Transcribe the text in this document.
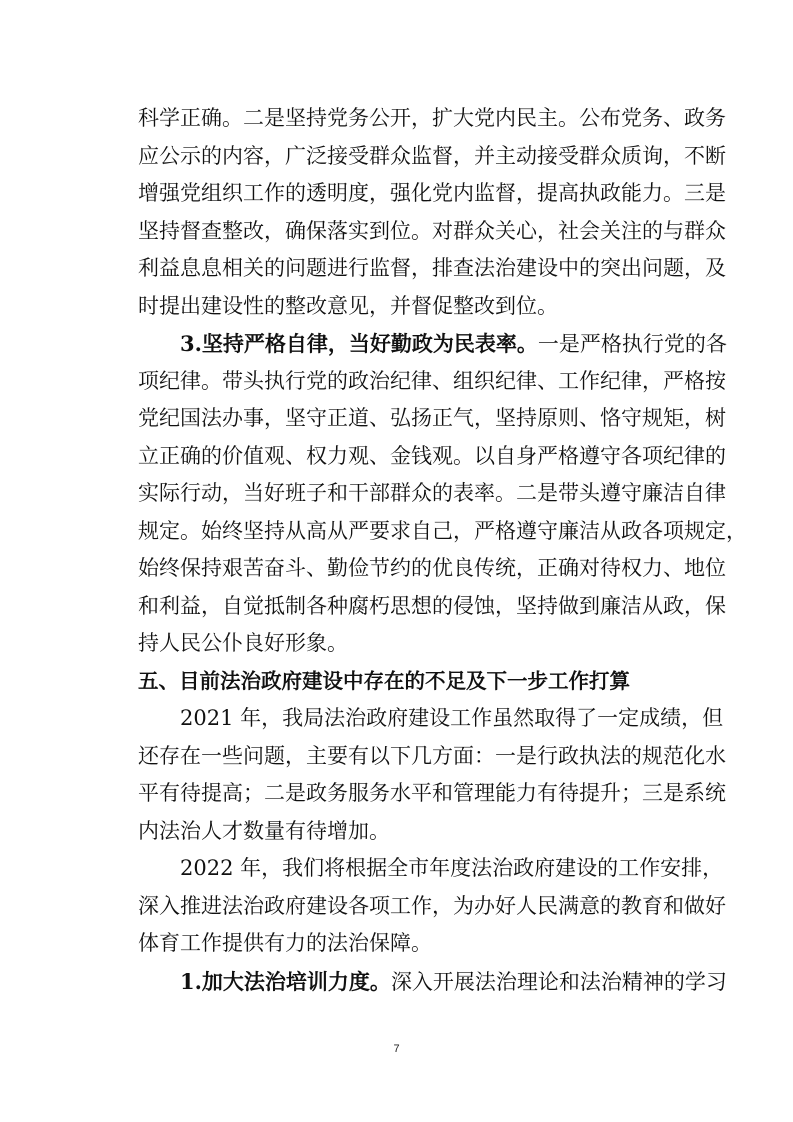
科学正确。二是坚持党务公开，扩大党内民主。公布党务、政务
应公示的内容，广泛接受群众监督，并主动接受群众质询，不断
增强党组织工作的透明度，强化党内监督，提高执政能力。三是
坚持督查整改，确保落实到位。对群众关心，社会关注的与群众
利益息息相关的问题进行监督，排查法治建设中的突出问题，及
时提出建设性的整改意见，并督促整改到位。
3.坚持严格自律，当好勤政为民表率。一是严格执行党的各
项纪律。带头执行党的政治纪律、组织纪律、工作纪律，严格按
党纪国法办事，坚守正道、弘扬正气，坚持原则、恪守规矩，树
立正确的价值观、权力观、金钱观。以自身严格遵守各项纪律的
实际行动，当好班子和干部群众的表率。二是带头遵守廉洁自律
规定。始终坚持从高从严要求自己，严格遵守廉洁从政各项规定，
始终保持艰苦奋斗、勤俭节约的优良传统，正确对待权力、地位
和利益，自觉抵制各种腐朽思想的侵蚀，坚持做到廉洁从政，保
持人民公仆良好形象。
五、目前法治政府建设中存在的不足及下一步工作打算
2021 年，我局法治政府建设工作虽然取得了一定成绩，但
还存在一些问题，主要有以下几方面：一是行政执法的规范化水
平有待提高；二是政务服务水平和管理能力有待提升；三是系统
内法治人才数量有待增加。
2022 年，我们将根据全市年度法治政府建设的工作安排，
深入推进法治政府建设各项工作，为办好人民满意的教育和做好
体育工作提供有力的法治保障。
1.加大法治培训力度。深入开展法治理论和法治精神的学习
7
